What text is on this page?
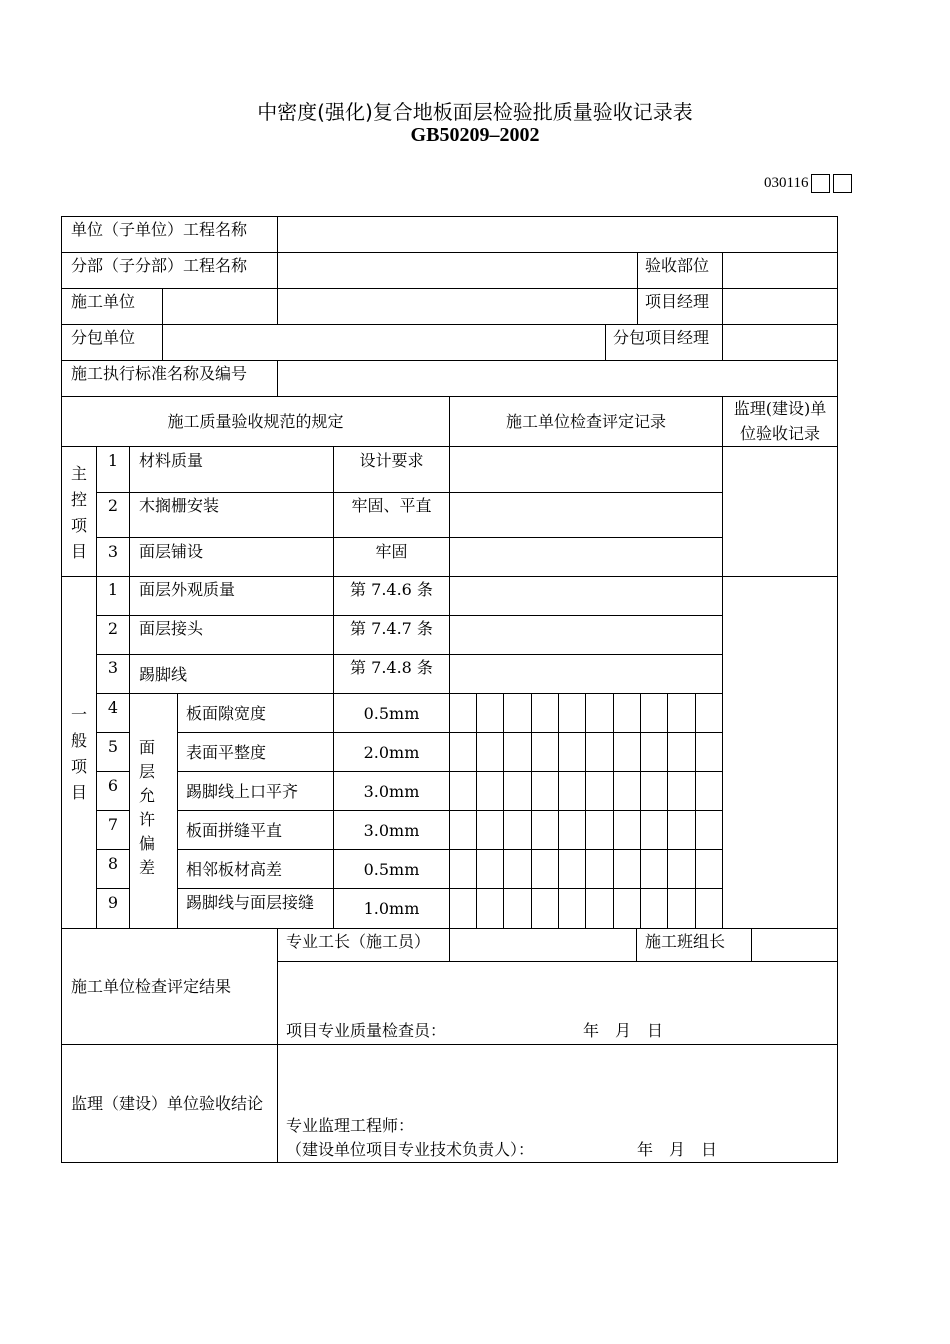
中密度(强化)复合地板面层检验批质量验收记录表
GB50209‒2002
030116
单位（子单位）工程名称
分部（子分部）工程名称	验收部位
施工单位	项目经理
分包单位	分包项目经理
施工执行标准名称及编号
施工质量验收规范的规定	施工单位检查评定记录
监理(建设)单
位验收记录
主
控
项
目
1	材料质量	设计要求
2	木搁栅安装	牢固、平直
3	面层铺设	牢固
一
般
项
目
1	面层外观质量	第 7.4.6 条
2	面层接头	第 7.4.7 条
3	踢脚线	第 7.4.8 条
面
层
允
许
偏
差
4	板面隙宽度	0.5mm
5	表面平整度	2.0mm
6	踢脚线上口平齐	3.0mm
7	板面拼缝平直	3.0mm
8	相邻板材高差	0.5mm
9	踢脚线与面层接缝	1.0mm
专业工长（施工员）	施工班组长
施工单位检查评定结果
项目专业质量检查员：	年　月　日
监理（建设）单位验收结论
专业监理工程师：
（建设单位项目专业技术负责人）：	年　月　日
